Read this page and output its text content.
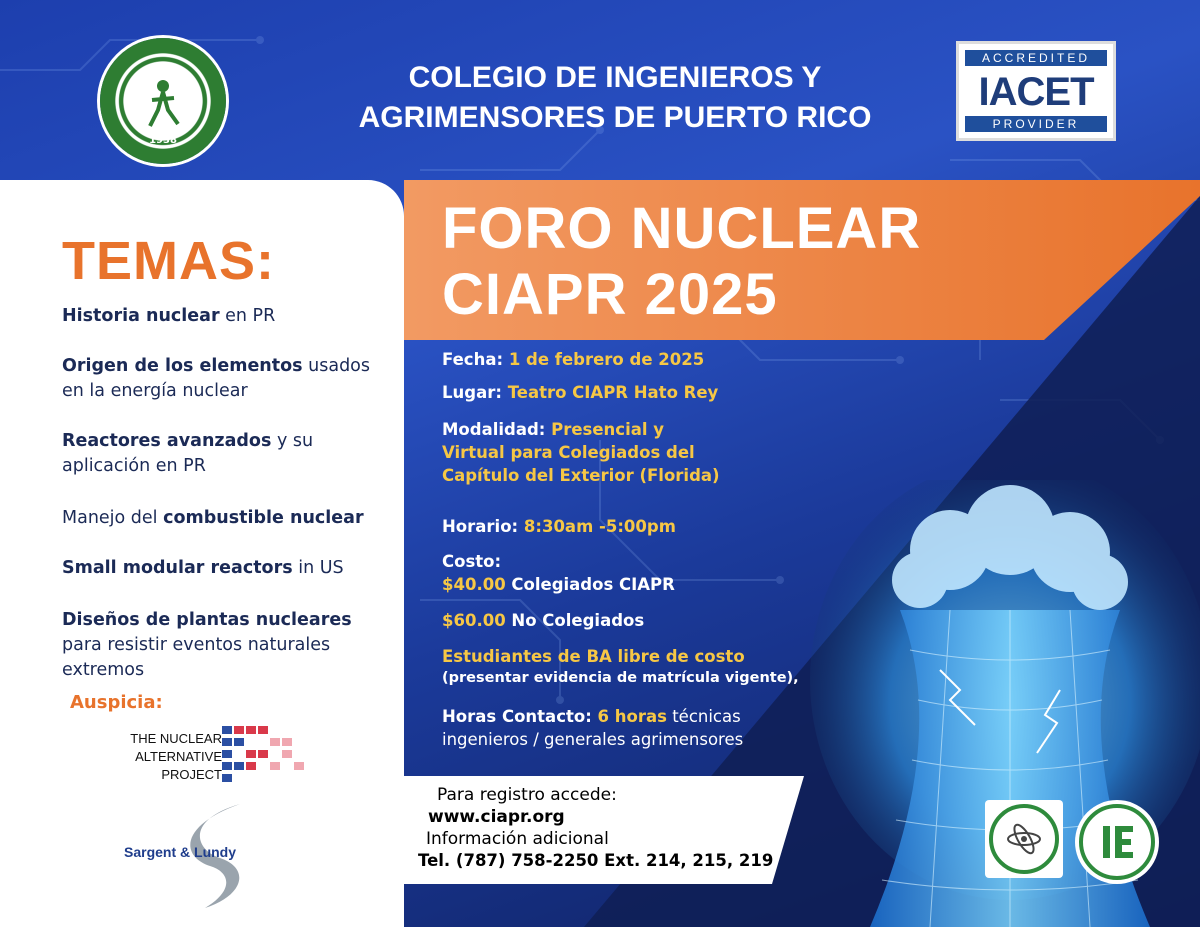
1938
COLEGIO DE INGENIEROS Y
AGRIMENSORES DE PUERTO RICO
ACCREDITED
IACET
PROVIDER
FORO NUCLEAR
CIAPR 2025
TEMAS:
Historia nuclear en PR
Origen de los elementos usados en la energía nuclear
Reactores avanzados y su aplicación en PR
Manejo del combustible nuclear
Small modular reactors in US
Diseños de plantas nucleares para resistir eventos naturales extremos
Auspicia:
THE NUCLEAR
ALTERNATIVE
PROJECT
Sargent & Lundy
Fecha: 1 de febrero de 2025
Lugar: Teatro CIAPR Hato Rey
Modalidad: Presencial y
Virtual para Colegiados del
Capítulo del Exterior (Florida)
Horario: 8:30am -5:00pm
Costo:
$40.00 Colegiados CIAPR
$60.00 No Colegiados
Estudiantes de BA libre de costo
(presentar evidencia de matrícula vigente),
Horas Contacto: 6 horas técnicas
ingenieros / generales agrimensores
Para registro accede:
www.ciapr.org
Información adicional
Tel. (787) 758-2250 Ext. 214, 215, 219
